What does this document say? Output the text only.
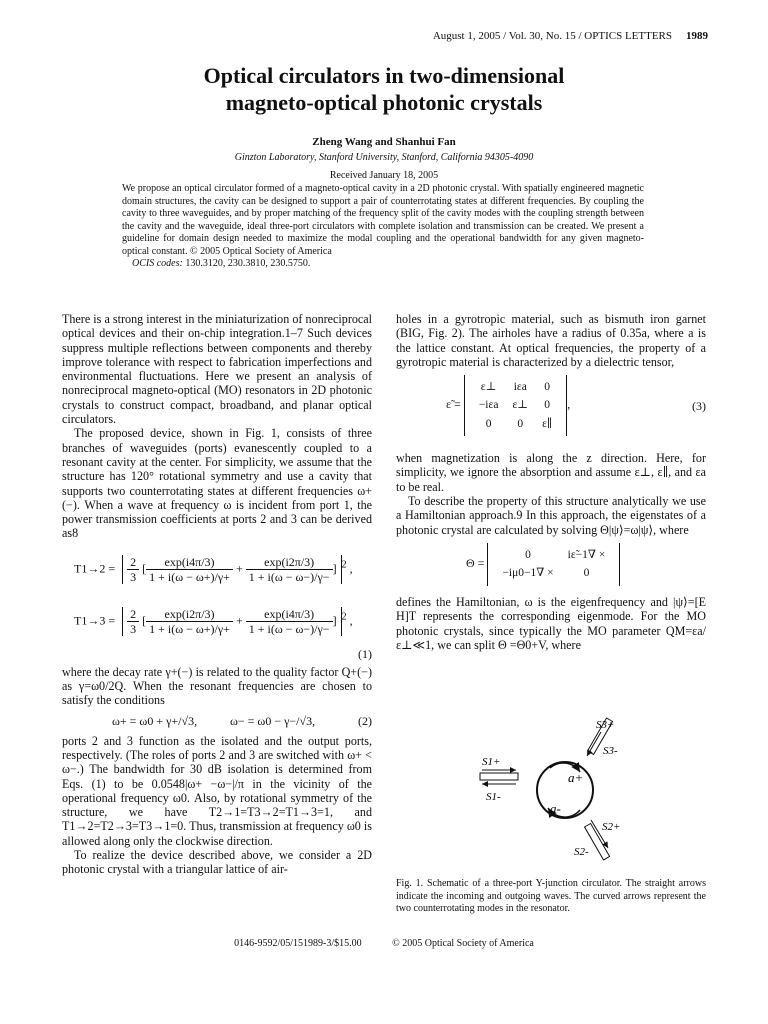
August 1, 2005 / Vol. 30, No. 15 / OPTICS LETTERS 1989
Optical circulators in two-dimensional
magneto-optical photonic crystals
Zheng Wang and Shanhui Fan
Ginzton Laboratory, Stanford University, Stanford, California 94305-4090
Received January 18, 2005
We propose an optical circulator formed of a magneto-optical cavity in a 2D photonic crystal. With spatially engineered magnetic domain structures, the cavity can be designed to support a pair of counterrotating states at different frequencies. By coupling the cavity to three waveguides, and by proper matching of the frequency split of the cavity modes with the coupling strength between the cavity and the waveguide, ideal three-port circulators with complete isolation and transmission can be created. We present a guideline for domain design needed to maximize the modal coupling and the operational bandwidth for any given magneto-optical constant. © 2005 Optical Society of America
OCIS codes: 130.3120, 230.3810, 230.5750.

There is a strong interest in the miniaturization of nonreciprocal optical devices and their on-chip integration.1–7 Such devices suppress multiple reflections between components and thereby improve tolerance with respect to fabrication imperfections and environmental fluctuations. Here we present an analysis of nonreciprocal magneto-optical (MO) resonators in 2D photonic crystals to construct compact, broadband, and planar optical circulators.

The proposed device, shown in Fig. 1, consists of three branches of waveguides (ports) evanescently coupled to a resonant cavity at the center. For simplicity, we assume that the structure has 120° rotational symmetry and use a cavity that supports two counterrotating states at different frequencies ω+(−). When a wave at frequency ω is incident from port 1, the power transmission coefficients at ports 2 and 3 can be derived as8

$T1\to 2 = \frac{2}{3}$ [ $\frac{\exp(i4\pi/3)}{1 + i(\omega - \omega+)/\gamma+} + \frac{\exp(i2\pi/3)}{1 + i(\omega - \omega-)/\gamma-} ]^2$ ,
$T1\to 3 = \frac{2}{3}$ [ $\frac{\exp(i2\pi/3)}{1 + i(\omega - \omega+)/\gamma+} + \frac{\exp(i4\pi/3)}{1 + i(\omega - \omega-)/\gamma-} ]^2$ ,
(1)

where the decay rate γ+(−) is related to the quality factor Q+(−) as γ=ω0/2Q. When the resonant frequencies are chosen to satisfy the conditions

ω+ = ω0 + γ+/√3,	ω− = ω0 − γ−/√3,	(2)

ports 2 and 3 function as the isolated and the output ports, respectively. (The roles of ports 2 and 3 are switched with ω+ < ω−.) The bandwidth for 30 dB isolation is determined from Eqs. (1) to be 0.0548|ω+ −ω−|/π in the vicinity of the operational frequency ω0. Also, by rotational symmetry of the structure, we have T2→1=T3→2=T1→3=1, and T1→2=T2→3=T3→1=0. Thus, transmission at frequency ω0 is allowed along only the clockwise direction.

To realize the device described above, we consider a 2D photonic crystal with a triangular lattice of air-

holes in a gyrotropic material, such as bismuth iron garnet (BIG, Fig. 2). The airholes have a radius of 0.35a, where a is the lattice constant. At optical frequencies, the property of a gyrotropic material is characterized by a dielectric tensor,

ε̃ = ε⊥	iεa	0
−iεa	ε⊥	0
0	0	ε∥,	(3)

when magnetization is along the z direction. Here, for simplicity, we ignore the absorption and assume ε⊥, ε∥, and εa to be real.

To describe the property of this structure analytically we use a Hamiltonian approach.9 In this approach, the eigenstates of a photonic crystal are calculated by solving Θ|ψ⟩=ω|ψ⟩, where

Θ = 0	iε̃−1∇ ×
−iμ0−1∇ ×	0

defines the Hamiltonian, ω is the eigenfrequency and |ψ⟩=[E H]T represents the corresponding eigenmode. For the MO photonic crystals, since typically the MO parameter QM=εa/ε⊥≪1, we can split Θ =Θ0+V, where

S3+
S3-
S1+
S1-
S2+
S2-
a+
a-
Fig. 1. Schematic of a three-port Y-junction circulator. The straight arrows indicate the incoming and outgoing waves. The curved arrows represent the two counterrotating modes in the resonator.
0146-9592/05/151989-3/$15.00	© 2005 Optical Society of America
